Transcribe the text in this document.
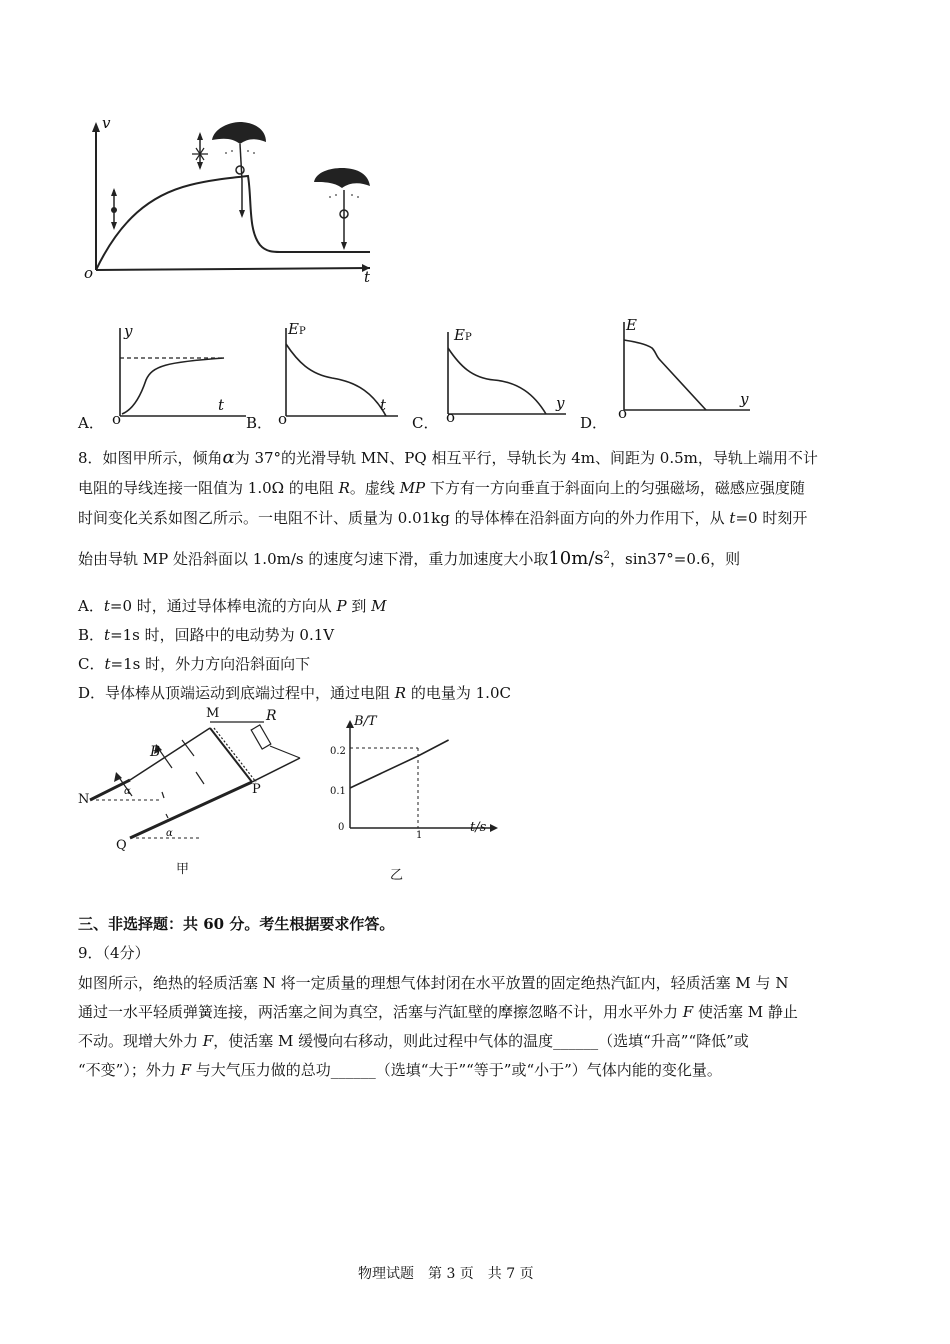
v
o	t
A．
y
t
o	B．
EP
t
o	C．
EP
y
o	D．
E
y
o
8．如图甲所示，倾角α为 37°的光滑导轨 MN、PQ 相互平行，导轨长为 4m、间距为 0.5m，导轨上端用不计
电阻的导线连接一阻值为 1.0Ω 的电阻 R。虚线 MP 下方有一方向垂直于斜面向上的匀强磁场，磁感应强度随
时间变化关系如图乙所示。一电阻不计、质量为 0.01kg 的导体棒在沿斜面方向的外力作用下，从 t=0 时刻开
始由导轨 MP 处沿斜面以 1.0m/s 的速度匀速下滑，重力加速度大小取$10m/s^2$，sin37°=0.6，则
A．t=0 时，通过导体棒电流的方向从 P 到 M
B．t=1s 时，回路中的电动势为 0.1V
C．t=1s 时，外力方向沿斜面向下
D．导体棒从顶端运动到底端过程中，通过电阻 R 的电量为 1.0C
M	R
B
N
P
Q
α
α
甲
B/T
t/s
0.2
0.1
0
1
乙
三、非选择题：共 60 分。考生根据要求作答。
9．（4分）
如图所示，绝热的轻质活塞 N 将一定质量的理想气体封闭在水平放置的固定绝热汽缸内，轻质活塞 M 与 N
通过一水平轻质弹簧连接，两活塞之间为真空，活塞与汽缸壁的摩擦忽略不计，用水平外力 F 使活塞 M 静止
不动。现增大外力 F，使活塞 M 缓慢向右移动，则此过程中气体的温度______（选填“升高”“降低”或
“不变”）；外力 F 与大气压力做的总功______（选填“大于”“等于”或“小于”）气体内能的变化量。
物理试题　第 3 页　共 7 页
